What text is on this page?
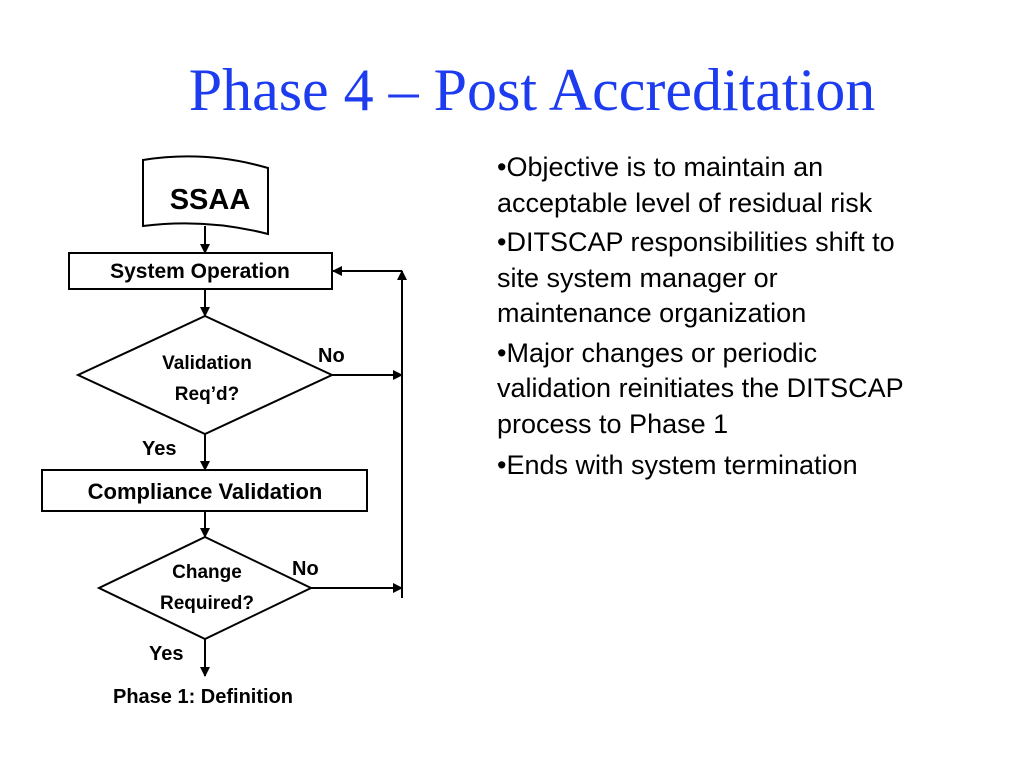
Phase 4 – Post Accreditation
SSAA
System Operation
Validation
Req’d?
No
Yes
Compliance Validation
Change
Required?
No
Yes
Phase 1: Definition
•Objective is to maintain an acceptable level of residual risk
•DITSCAP responsibilities shift to site system manager or maintenance organization
•Major changes or periodic validation reinitiates the DITSCAP process to Phase 1
•Ends with system termination
